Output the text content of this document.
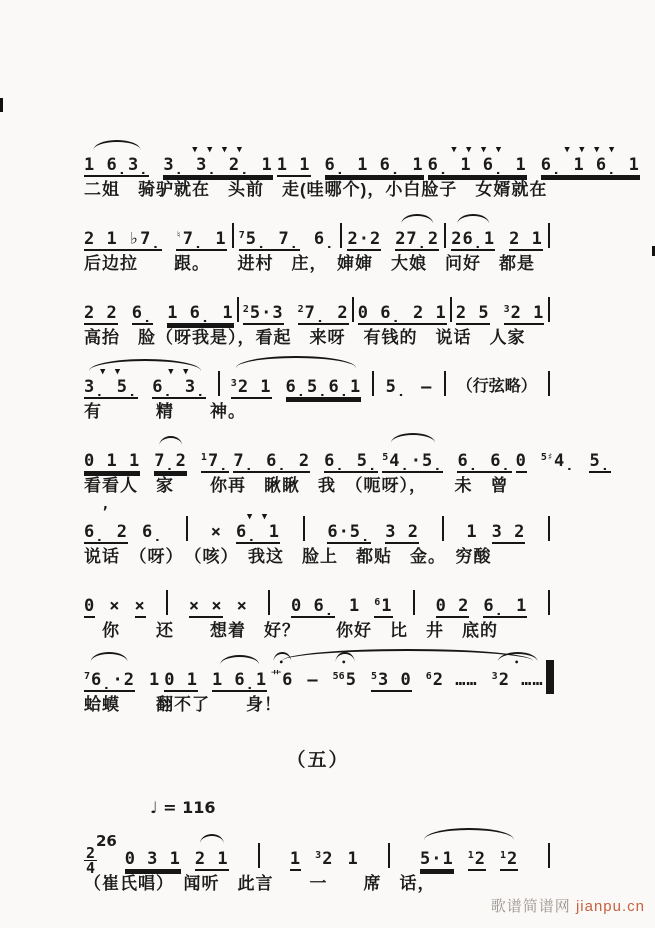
1 6̣3̣ 3̣ 3̣ 2̣ 1
▼ ▼ ▼ ▼
1 1 6̣ 1 6̣ 1 6̣ 1 6̣ 1
▼ ▼ ▼ ▼
6̣ 1 6̣ 1
▼ ▼ ▼ ▼
二姐　骑驴就在　头前　走(哇哪个)，小白脸子　女婿就在
2 1 ♭7̣ ♮7̣ 1 $^7$5̣ 7̣ 6̣ 2·2 27̣2 26̣1 2 1
后边拉　　跟。　　进村　庄，　婶婶　大娘　问好　都是
2 2 6̣ 1 6̣ 1 $^2$5·3 $^2$7̣ 2 0 6̣ 2 1 2 5 $^3$2 1
高抬　脸（呀我是），看起　来呀　有钱的　说话　人家
3̣ 5̣
▼ ▼
6̣ 3̣
▼ ▼
$^3$2 1 6̣5̣6̣1 5̣ — （行弦略）
有　　　精　　神。
0 1 1 7̣2 $^1$7̣ 7̣ 6̣ 2 6̣ 5̣ $^5$4̣·5̣ 6̣ 6̣ 0 $^{5♯}$4̣ 5̣
看看人　家　　你再　瞅瞅　我　（呃呀），　　未　曾
6̣ 2
’
6̣	× 6̣ 1
▼ ▼
6·5̣ 3 2	1 3 2
说话　（呀）　（咳）　我这　脸上　都贴　金。　穷酸
0 × ×	× × ×	0 6̣ 1 $^6$1	0 2 6̣ 1
　你　　还　　想着　好？　　你好　比　井　底的
$^7$6̣·2 1 0 1 1 6̣1 $^艹$6
• — $^{56}$5
• $^5$3 0 $^6$2 …… $^3$2 ……
•
蛤蟆　　翻不了　　身！
（五）
♩ = 116
$\frac{2}{4} 0$ 3 1 2 1	1 $^3$2 1	5·1 $^1$2 $^1$2
（崔氏唱）　闻听　此言　　一　　席　话，
26
歌谱简谱网 jianpu.cn
